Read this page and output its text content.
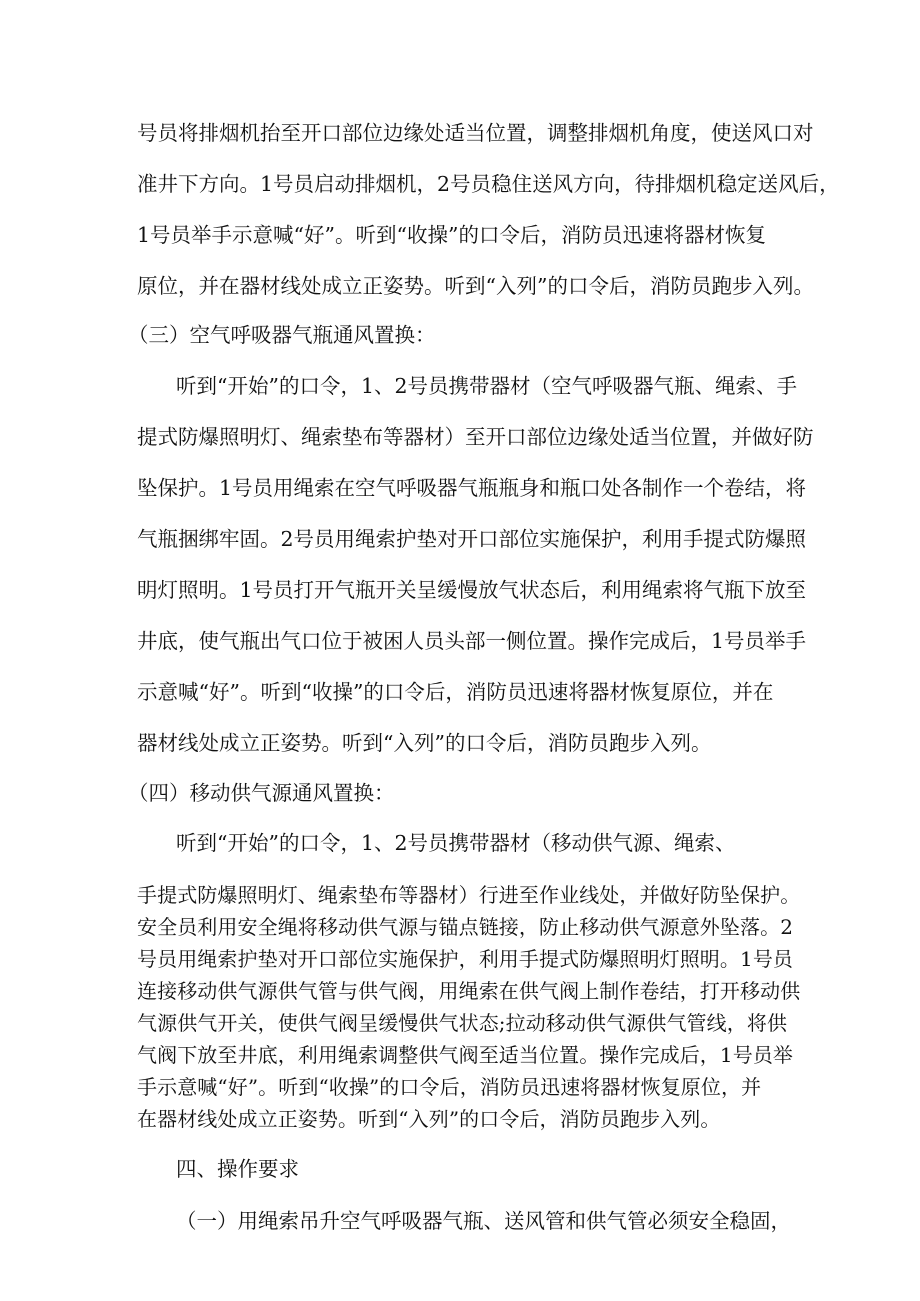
号员将排烟机抬至开口部位边缘处适当位置，调整排烟机角度，使送风口对
准井下方向。1号员启动排烟机，2号员稳住送风方向，待排烟机稳定送风后，
1号员举手示意喊“好”。听到“收操”的口令后，消防员迅速将器材恢复
原位，并在器材线处成立正姿势。听到“入列”的口令后，消防员跑步入列。
（三）空气呼吸器气瓶通风置换：
听到“开始”的口令，1、2号员携带器材（空气呼吸器气瓶、绳索、手
提式防爆照明灯、绳索垫布等器材）至开口部位边缘处适当位置，并做好防
坠保护。1号员用绳索在空气呼吸器气瓶瓶身和瓶口处各制作一个卷结，将
气瓶捆绑牢固。2号员用绳索护垫对开口部位实施保护，利用手提式防爆照
明灯照明。1号员打开气瓶开关呈缓慢放气状态后，利用绳索将气瓶下放至
井底，使气瓶出气口位于被困人员头部一侧位置。操作完成后，1号员举手
示意喊“好”。听到“收操”的口令后，消防员迅速将器材恢复原位，并在
器材线处成立正姿势。听到“入列”的口令后，消防员跑步入列。
（四）移动供气源通风置换：
听到“开始”的口令，1、2号员携带器材（移动供气源、绳索、
手提式防爆照明灯、绳索垫布等器材）行进至作业线处，并做好防坠保护。
安全员利用安全绳将移动供气源与锚点链接，防止移动供气源意外坠落。2
号员用绳索护垫对开口部位实施保护，利用手提式防爆照明灯照明。1号员
连接移动供气源供气管与供气阀，用绳索在供气阀上制作卷结，打开移动供
气源供气开关，使供气阀呈缓慢供气状态;拉动移动供气源供气管线，将供
气阀下放至井底，利用绳索调整供气阀至适当位置。操作完成后，1号员举
手示意喊“好”。听到“收操”的口令后，消防员迅速将器材恢复原位，并
在器材线处成立正姿势。听到“入列”的口令后，消防员跑步入列。
四、操作要求
（一）用绳索吊升空气呼吸器气瓶、送风管和供气管必须安全稳固，
